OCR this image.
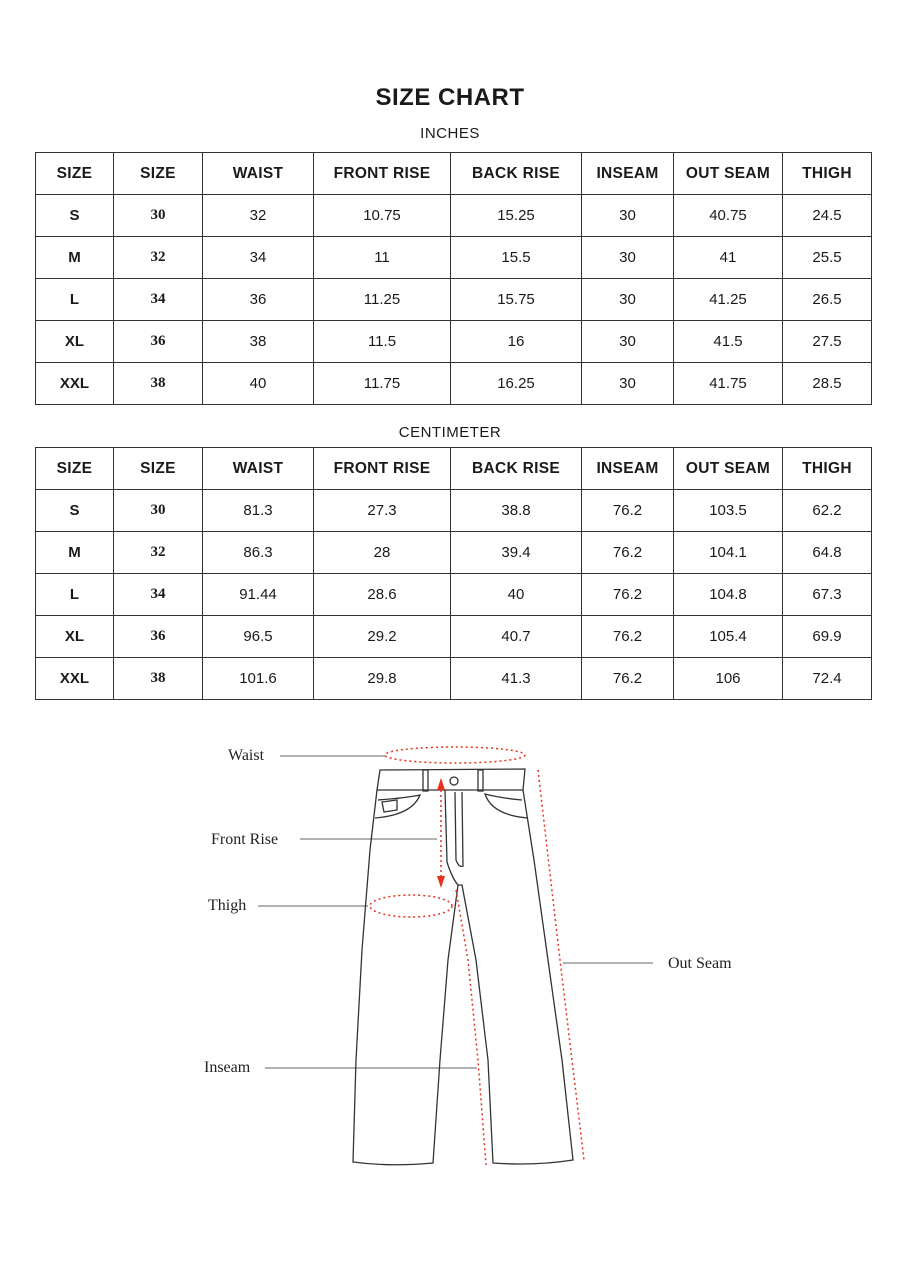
SIZE CHART
INCHES
SIZE	SIZE	WAIST	FRONT RISE	BACK RISE	INSEAM	OUT SEAM	THIGH
S	30	32	10.75	15.25	30	40.75	24.5
M	32	34	11	15.5	30	41	25.5
L	34	36	11.25	15.75	30	41.25	26.5
XL	36	38	11.5	16	30	41.5	27.5
XXL	38	40	11.75	16.25	30	41.75	28.5
CENTIMETER
SIZE	SIZE	WAIST	FRONT RISE	BACK RISE	INSEAM	OUT SEAM	THIGH
S	30	81.3	27.3	38.8	76.2	103.5	62.2
M	32	86.3	28	39.4	76.2	104.1	64.8
L	34	91.44	28.6	40	76.2	104.8	67.3
XL	36	96.5	29.2	40.7	76.2	105.4	69.9
XXL	38	101.6	29.8	41.3	76.2	106	72.4
Waist
Front Rise
Thigh
Out Seam
Inseam
